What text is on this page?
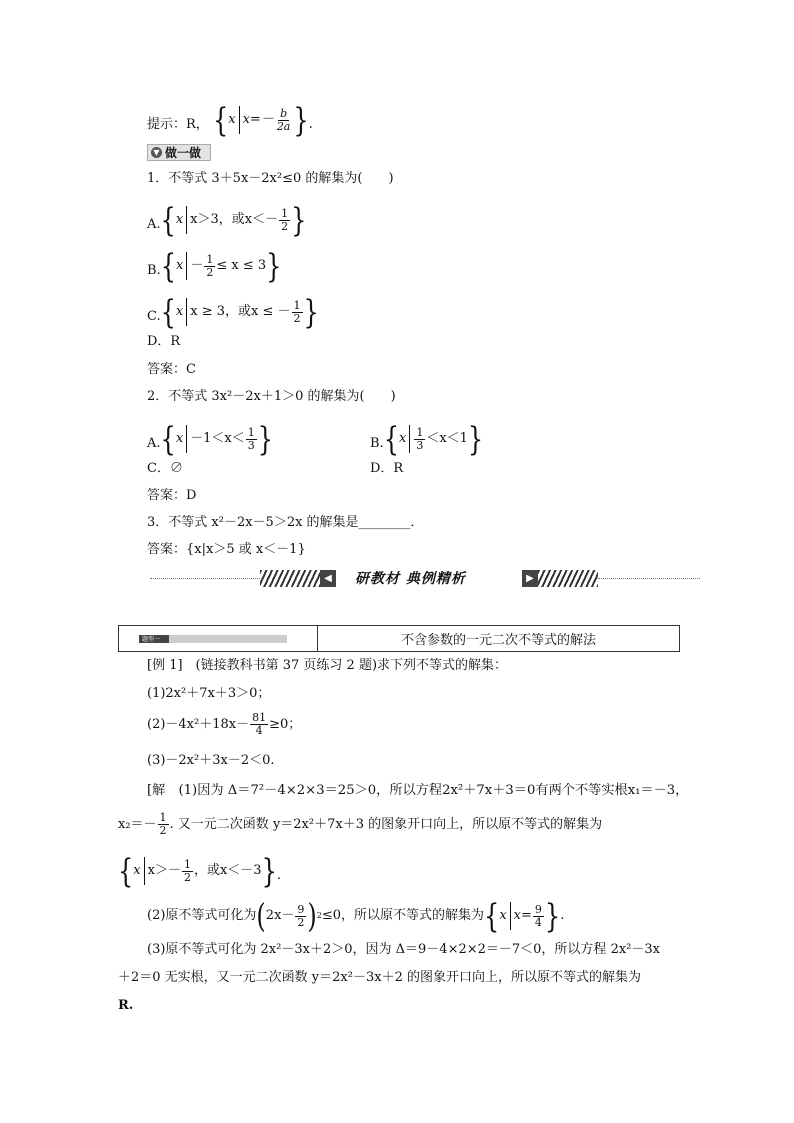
提示：R， { x $x=- \frac{b}{2a}$ } .
▼ 做一做
1．不等式 3＋5x－2x²≤0 的解集为(　　)
A. { x x＞3，或$x<- \frac{1}{2}$ }
B. { $x - \frac{1}{2} \le x \le 3$ }
C. { x x ≥ 3，或x ≤ － $\frac{1}{2}$ }
D．R
答案：C
2．不等式 3x²－2x＋1＞0 的解集为(　　)
A. { $x -1<x< \frac{1}{3}$ }	B. { x $\frac{1}{3} <x<1$ }
C．∅	D．R
答案：D
3．不等式 x²－2x－5＞2x 的解集是________．
答案：{x|x＞5 或 x＜－1}
◀ 研教材 典例精析	▶
题型一	不含参数的一元二次不等式的解法
[例 1]　(链接教科书第 37 页练习 2 题)求下列不等式的解集：
(1)2x²＋7x＋3＞0；
$(2)-4x^2+18x- \frac{81}{4} \ge 0$；
(3)－2x²＋3x－2＜0.
[解　(1)因为 Δ＝7²－4×2×3＝25＞0，所以方程2x²＋7x＋3＝0有两个不等实根x₁＝－3，
$x_2=- \frac{1}{2}$ . 又一元二次函数 y＝2x²＋7x＋3 的图象开口向上，所以原不等式的解集为
{ x $x>- \frac{1}{2}$ ，或x＜－3 } .
(2)原不等式可化为 ( $2x- \frac{9}{2}$ ) 2 ≤0，所以原不等式的解集为 { x $x= \frac{9}{4}$ } .
(3)原不等式可化为 2x²－3x＋2＞0，因为 Δ＝9－4×2×2＝－7＜0，所以方程 2x²－3x
＋2＝0 无实根，又一元二次函数 y＝2x²－3x＋2 的图象开口向上，所以原不等式的解集为
R.
